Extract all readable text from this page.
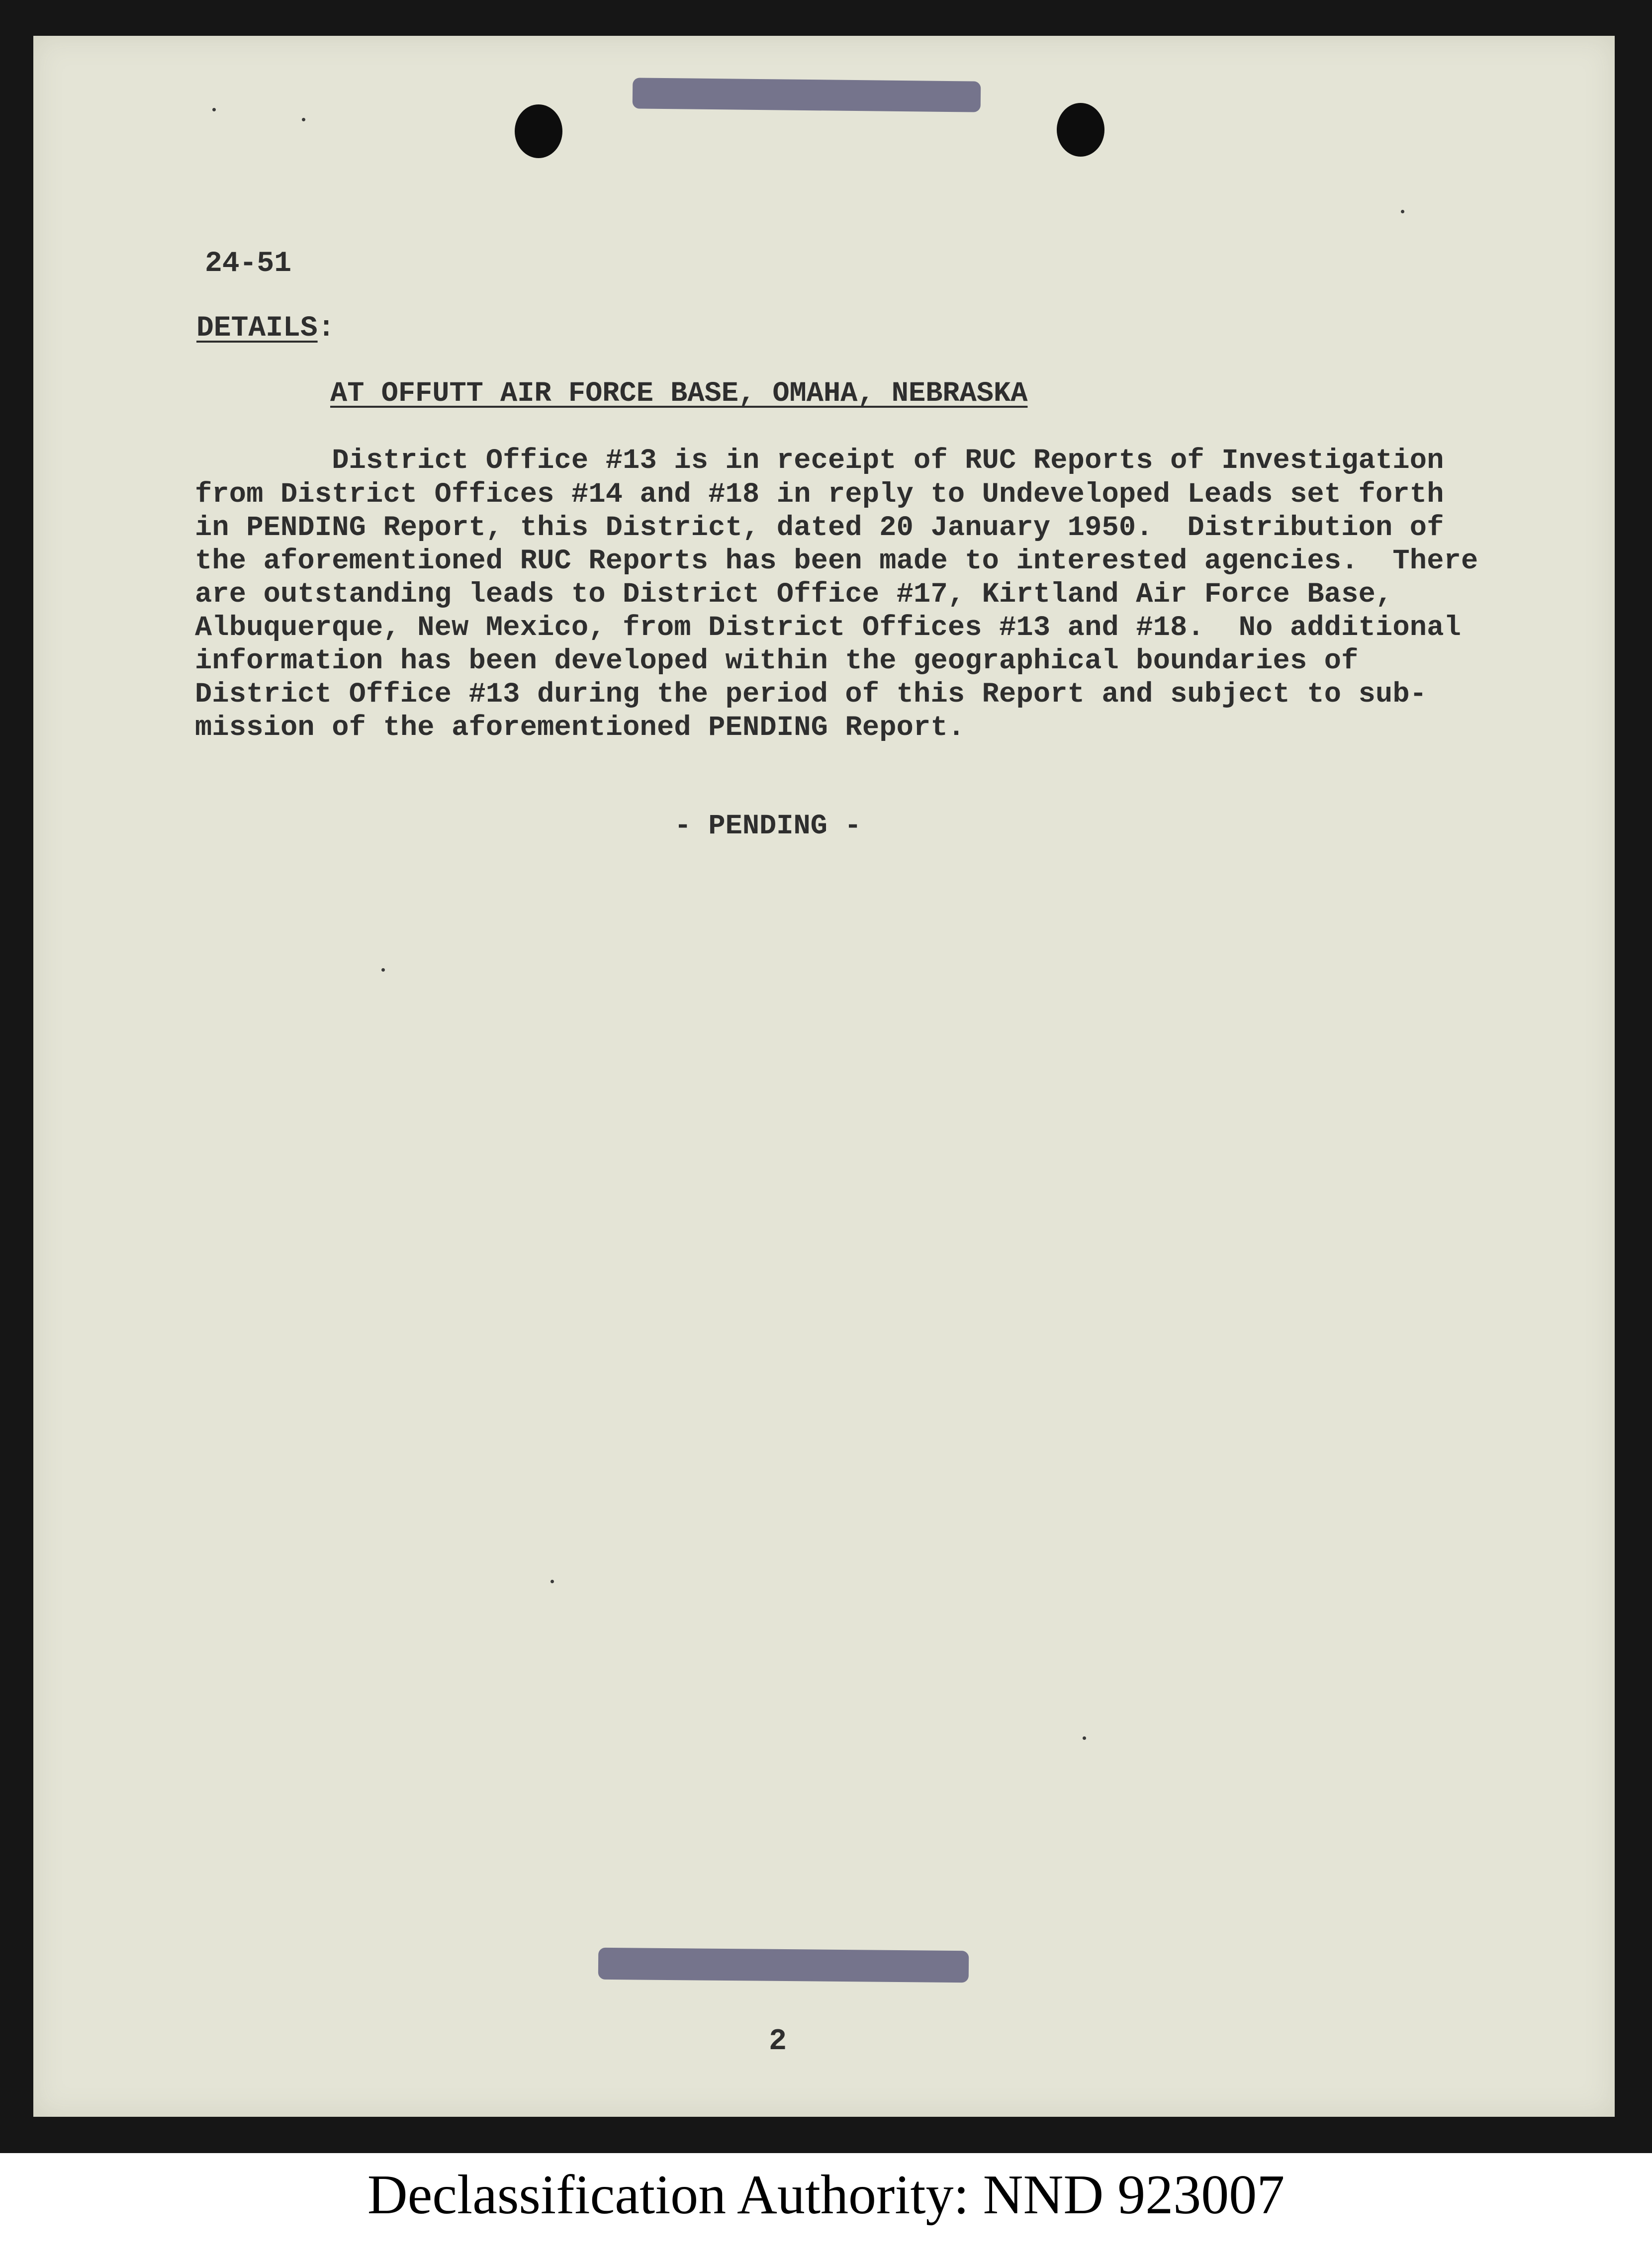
24-51
DETAILS:
AT OFFUTT AIR FORCE BASE, OMAHA, NEBRASKA
District Office #13 is in receipt of RUC Reports of Investigation
from District Offices #14 and #18 in reply to Undeveloped Leads set forth
in PENDING Report, this District, dated 20 January 1950.  Distribution of
the aforementioned RUC Reports has been made to interested agencies.  There
are outstanding leads to District Office #17, Kirtland Air Force Base,
Albuquerque, New Mexico, from District Offices #13 and #18.  No additional
information has been developed within the geographical boundaries of
District Office #13 during the period of this Report and subject to sub-
mission of the aforementioned PENDING Report.
- PENDING -
2
Declassification Authority: NND 923007
